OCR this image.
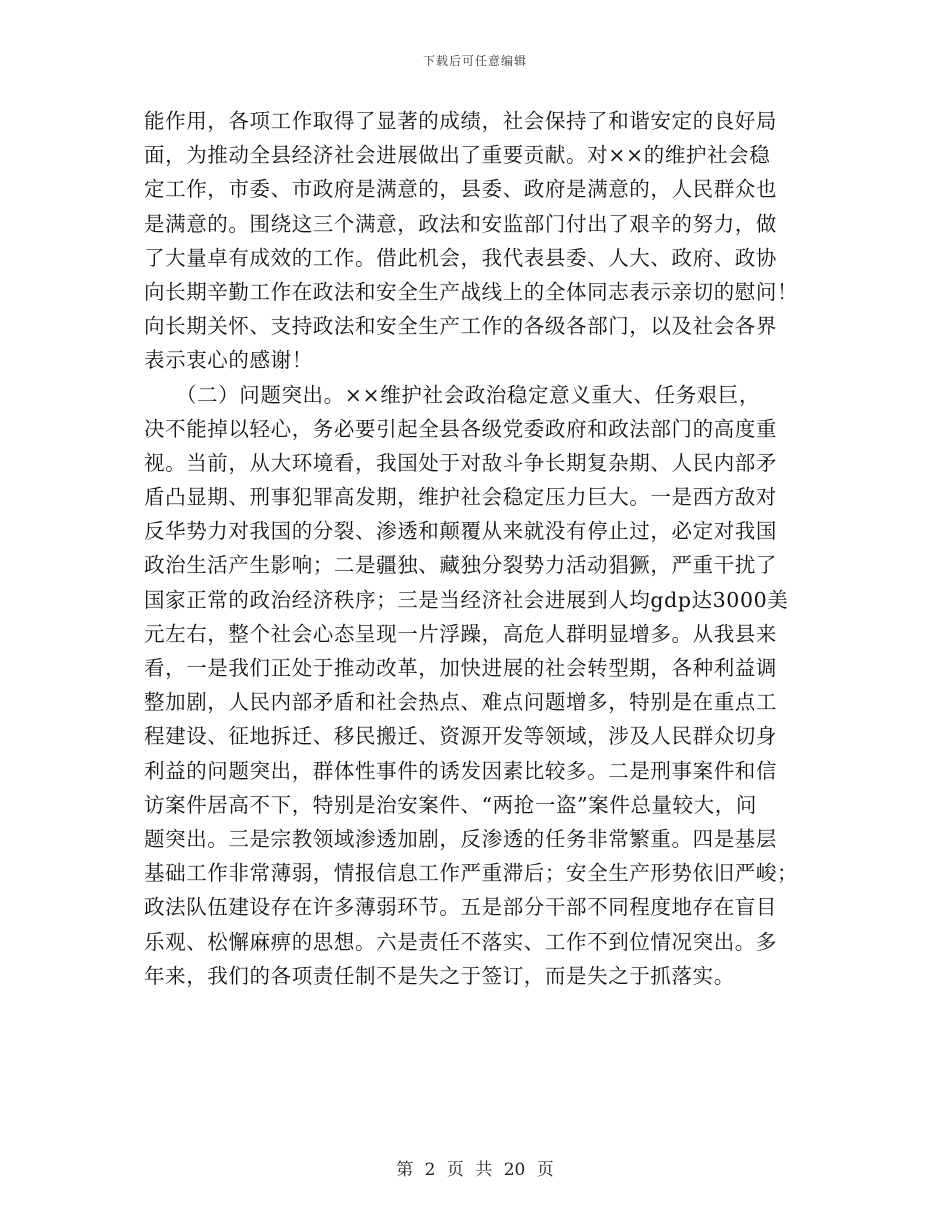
下载后可任意编辑
能作用，各项工作取得了显著的成绩，社会保持了和谐安定的良好局
面，为推动全县经济社会进展做出了重要贡献。对××的维护社会稳
定工作，市委、市政府是满意的，县委、政府是满意的，人民群众也
是满意的。围绕这三个满意，政法和安监部门付出了艰辛的努力，做
了大量卓有成效的工作。借此机会，我代表县委、人大、政府、政协
向长期辛勤工作在政法和安全生产战线上的全体同志表示亲切的慰问！
向长期关怀、支持政法和安全生产工作的各级各部门，以及社会各界
表示衷心的感谢！
　　（二）问题突出。××维护社会政治稳定意义重大、任务艰巨，
决不能掉以轻心，务必要引起全县各级党委政府和政法部门的高度重
视。当前，从大环境看，我国处于对敌斗争长期复杂期、人民内部矛
盾凸显期、刑事犯罪高发期，维护社会稳定压力巨大。一是西方敌对
反华势力对我国的分裂、渗透和颠覆从来就没有停止过，必定对我国
政治生活产生影响；二是疆独、藏独分裂势力活动猖獗，严重干扰了
国家正常的政治经济秩序；三是当经济社会进展到人均gdp达3000美
元左右，整个社会心态呈现一片浮躁，高危人群明显增多。从我县来
看，一是我们正处于推动改革，加快进展的社会转型期，各种利益调
整加剧，人民内部矛盾和社会热点、难点问题增多，特别是在重点工
程建设、征地拆迁、移民搬迁、资源开发等领域，涉及人民群众切身
利益的问题突出，群体性事件的诱发因素比较多。二是刑事案件和信
访案件居高不下，特别是治安案件、“两抢一盗”案件总量较大，问
题突出。三是宗教领域渗透加剧，反渗透的任务非常繁重。四是基层
基础工作非常薄弱，情报信息工作严重滞后；安全生产形势依旧严峻；
政法队伍建设存在许多薄弱环节。五是部分干部不同程度地存在盲目
乐观、松懈麻痹的思想。六是责任不落实、工作不到位情况突出。多
年来，我们的各项责任制不是失之于签订，而是失之于抓落实。
第 2 页 共 20 页
